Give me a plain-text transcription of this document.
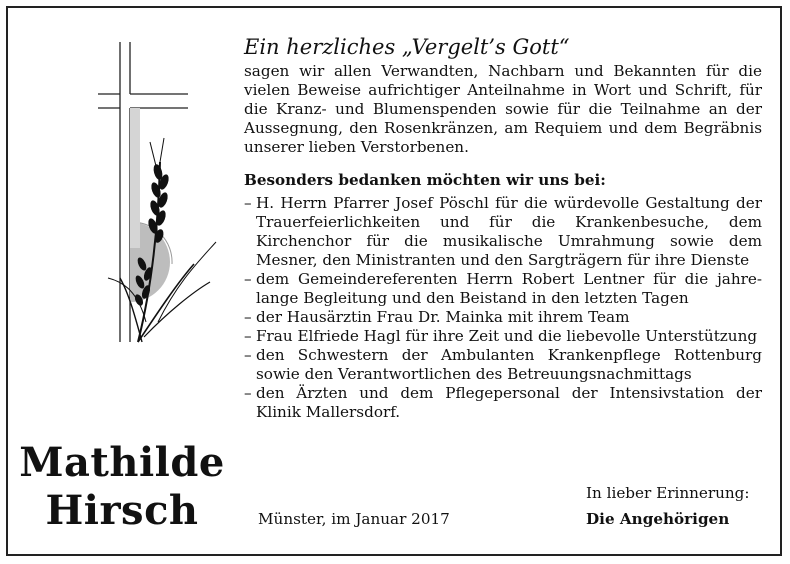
Mathilde
Hirsch

Ein herzliches „Vergelt’s Gott“

sagen wir allen Verwandten, Nachbarn und Bekannten für die vielen Beweise aufrichtiger Anteilnahme in Wort und Schrift, für die Kranz- und Blumenspenden sowie für die Teilnahme an der Aussegnung, den Rosenkränzen, am Requiem und dem Begräbnis unserer lieben Verstorbenen.

Besonders bedanken möchten wir uns bei:

– H. Herrn Pfarrer Josef Pöschl für die würdevolle Gestaltung der Trauerfeierlichkeiten und für die Krankenbesuche, dem Kirchenchor für die musikalische Umrahmung sowie dem Mesner, den Ministranten und den Sargträgern für ihre Dienste
– dem Gemeindereferenten Herrn Robert Lentner für die jahrelange Begleitung und den Beistand in den letzten Tagen
– der Hausärztin Frau Dr. Mainka mit ihrem Team
– Frau Elfriede Hagl für ihre Zeit und die liebevolle Unterstützung
– den Schwestern der Ambulanten Krankenpflege Rottenburg sowie den Verantwortlichen des Betreuungsnachmittags
– den Ärzten und dem Pflegepersonal der Intensivstation der Klinik Mallersdorf.
In lieber Erinnerung:
Münster, im Januar 2017	Die Angehörigen
